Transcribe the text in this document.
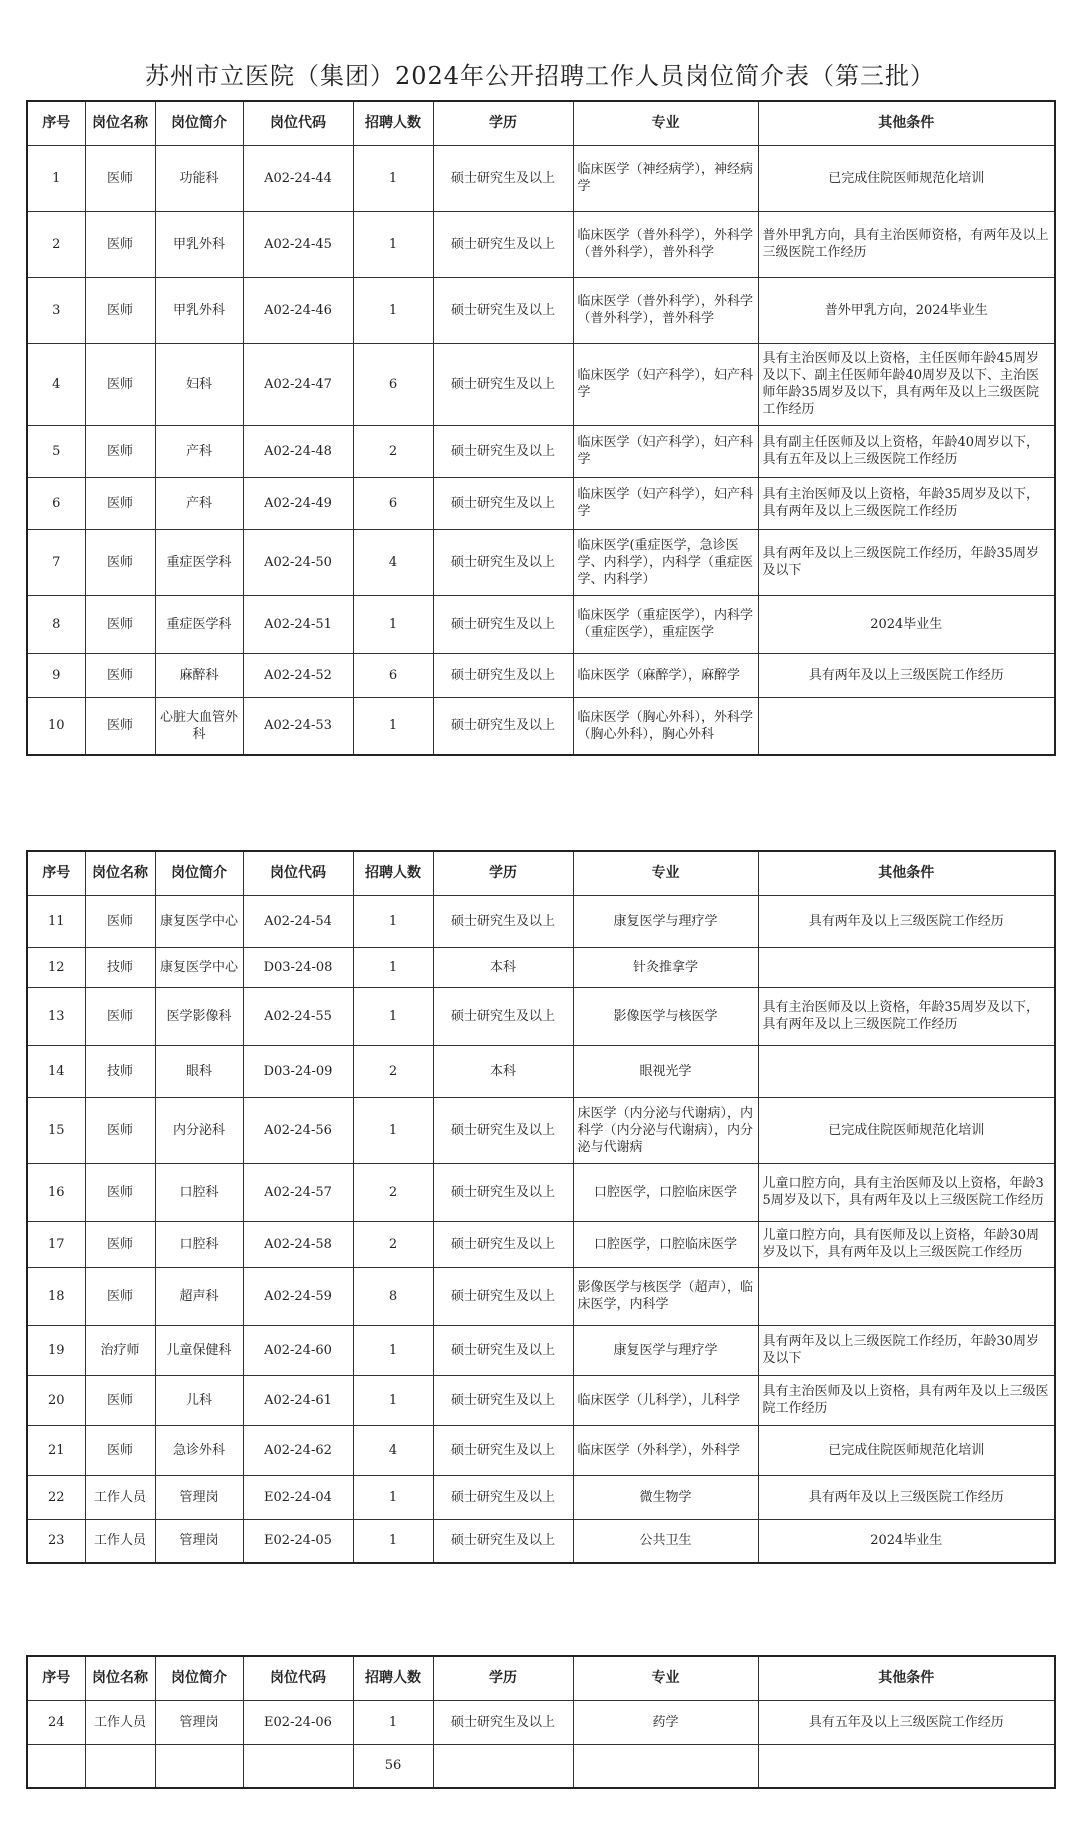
苏州市立医院（集团）2024年公开招聘工作人员岗位简介表（第三批）
序号	岗位名称	岗位简介	岗位代码	招聘人数	学历	专业	其他条件
1	医师	功能科	A02-24-44	1	硕士研究生及以上	临床医学（神经病学），神经病学	已完成住院医师规范化培训
2	医师	甲乳外科	A02-24-45	1	硕士研究生及以上	临床医学（普外科学），外科学（普外科学），普外科学	普外甲乳方向，具有主治医师资格，有两年及以上三级医院工作经历
3	医师	甲乳外科	A02-24-46	1	硕士研究生及以上	临床医学（普外科学），外科学（普外科学），普外科学	普外甲乳方向，2024毕业生
4	医师	妇科	A02-24-47	6	硕士研究生及以上	临床医学（妇产科学），妇产科学	具有主治医师及以上资格，主任医师年龄45周岁及以下、副主任医师年龄40周岁及以下、主治医师年龄35周岁及以下，具有两年及以上三级医院工作经历
5	医师	产科	A02-24-48	2	硕士研究生及以上	临床医学（妇产科学），妇产科学	具有副主任医师及以上资格，年龄40周岁以下，具有五年及以上三级医院工作经历
6	医师	产科	A02-24-49	6	硕士研究生及以上	临床医学（妇产科学），妇产科学	具有主治医师及以上资格，年龄35周岁及以下，具有两年及以上三级医院工作经历
7	医师	重症医学科	A02-24-50	4	硕士研究生及以上	临床医学(重症医学，急诊医学、内科学），内科学（重症医学、内科学）	具有两年及以上三级医院工作经历，年龄35周岁及以下
8	医师	重症医学科	A02-24-51	1	硕士研究生及以上	临床医学（重症医学），内科学（重症医学），重症医学	2024毕业生
9	医师	麻醉科	A02-24-52	6	硕士研究生及以上	临床医学（麻醉学），麻醉学	具有两年及以上三级医院工作经历
10	医师	心脏大血管外科	A02-24-53	1	硕士研究生及以上	临床医学（胸心外科），外科学（胸心外科），胸心外科	
序号	岗位名称	岗位简介	岗位代码	招聘人数	学历	专业	其他条件
11	医师	康复医学中心	A02-24-54	1	硕士研究生及以上	康复医学与理疗学	具有两年及以上三级医院工作经历
12	技师	康复医学中心	D03-24-08	1	本科	针灸推拿学	
13	医师	医学影像科	A02-24-55	1	硕士研究生及以上	影像医学与核医学	具有主治医师及以上资格，年龄35周岁及以下，具有两年及以上三级医院工作经历
14	技师	眼科	D03-24-09	2	本科	眼视光学	
15	医师	内分泌科	A02-24-56	1	硕士研究生及以上	床医学（内分泌与代谢病），内科学（内分泌与代谢病），内分泌与代谢病	已完成住院医师规范化培训
16	医师	口腔科	A02-24-57	2	硕士研究生及以上	口腔医学，口腔临床医学	儿童口腔方向，具有主治医师及以上资格，年龄35周岁及以下，具有两年及以上三级医院工作经历
17	医师	口腔科	A02-24-58	2	硕士研究生及以上	口腔医学，口腔临床医学	儿童口腔方向，具有医师及以上资格，年龄30周岁及以下，具有两年及以上三级医院工作经历
18	医师	超声科	A02-24-59	8	硕士研究生及以上	影像医学与核医学（超声），临床医学，内科学	
19	治疗师	儿童保健科	A02-24-60	1	硕士研究生及以上	康复医学与理疗学	具有两年及以上三级医院工作经历，年龄30周岁及以下
20	医师	儿科	A02-24-61	1	硕士研究生及以上	临床医学（儿科学），儿科学	具有主治医师及以上资格，具有两年及以上三级医院工作经历
21	医师	急诊外科	A02-24-62	4	硕士研究生及以上	临床医学（外科学），外科学	已完成住院医师规范化培训
22	工作人员	管理岗	E02-24-04	1	硕士研究生及以上	微生物学	具有两年及以上三级医院工作经历
23	工作人员	管理岗	E02-24-05	1	硕士研究生及以上	公共卫生	2024毕业生
序号	岗位名称	岗位简介	岗位代码	招聘人数	学历	专业	其他条件
24	工作人员	管理岗	E02-24-06	1	硕士研究生及以上	药学	具有五年及以上三级医院工作经历
				56			
